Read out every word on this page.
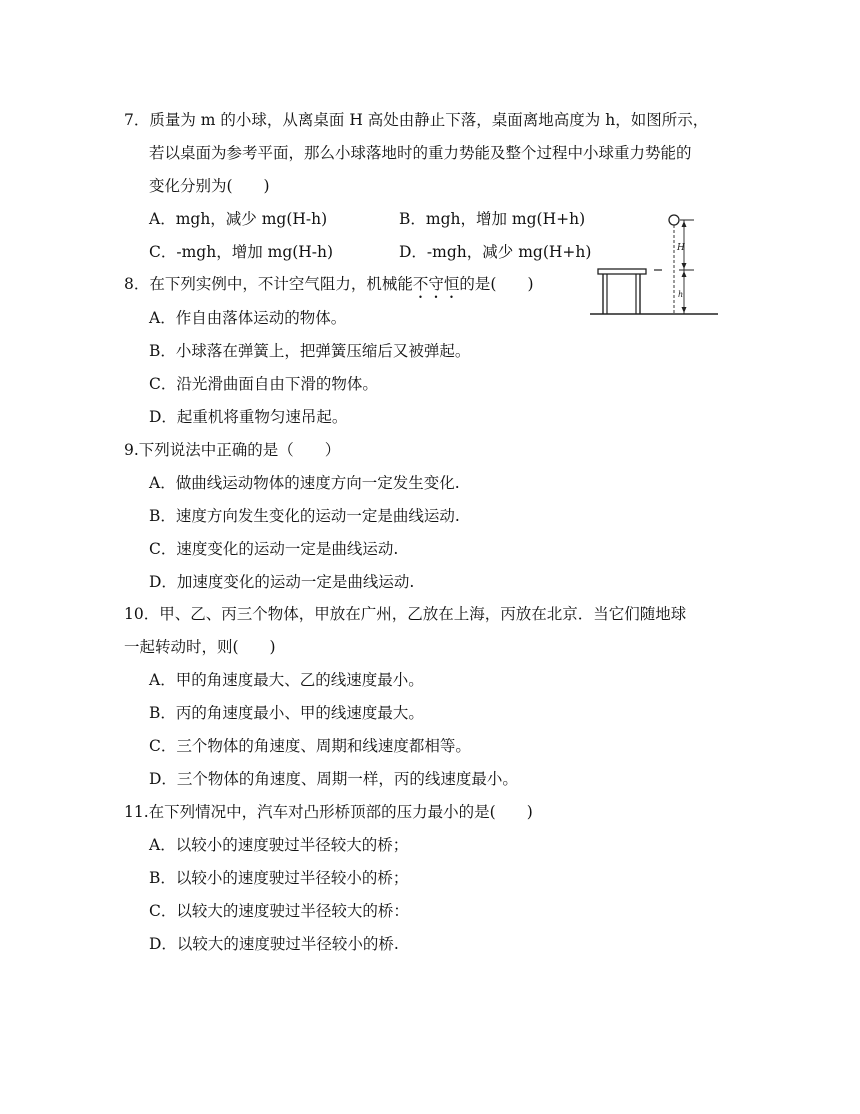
7．质量为 m 的小球，从离桌面 H 高处由静止下落，桌面离地高度为 h，如图所示，
若以桌面为参考平面，那么小球落地时的重力势能及整个过程中小球重力势能的
变化分别为(　　)
A．mgh，减少 mg(H-h)	B．mgh，增加 mg(H+h)
C．-mgh，增加 mg(H-h)	D．-mgh，减少 mg(H+h)	H
h
8．在下列实例中，不计空气阻力，机械能不守恒的是(　　)
A．作自由落体运动的物体。
B．小球落在弹簧上，把弹簧压缩后又被弹起。
C．沿光滑曲面自由下滑的物体。
D．起重机将重物匀速吊起。
9.下列说法中正确的是（　　）
A．做曲线运动物体的速度方向一定发生变化.
B．速度方向发生变化的运动一定是曲线运动.
C．速度变化的运动一定是曲线运动.
D．加速度变化的运动一定是曲线运动.
10．甲、乙、丙三个物体，甲放在广州，乙放在上海，丙放在北京．当它们随地球
一起转动时，则(　　)
A．甲的角速度最大、乙的线速度最小。
B．丙的角速度最小、甲的线速度最大。
C．三个物体的角速度、周期和线速度都相等。
D．三个物体的角速度、周期一样，丙的线速度最小。
11.在下列情况中，汽车对凸形桥顶部的压力最小的是(　　)
A．以较小的速度驶过半径较大的桥；
B．以较小的速度驶过半径较小的桥；
C．以较大的速度驶过半径较大的桥：
D．以较大的速度驶过半径较小的桥.
